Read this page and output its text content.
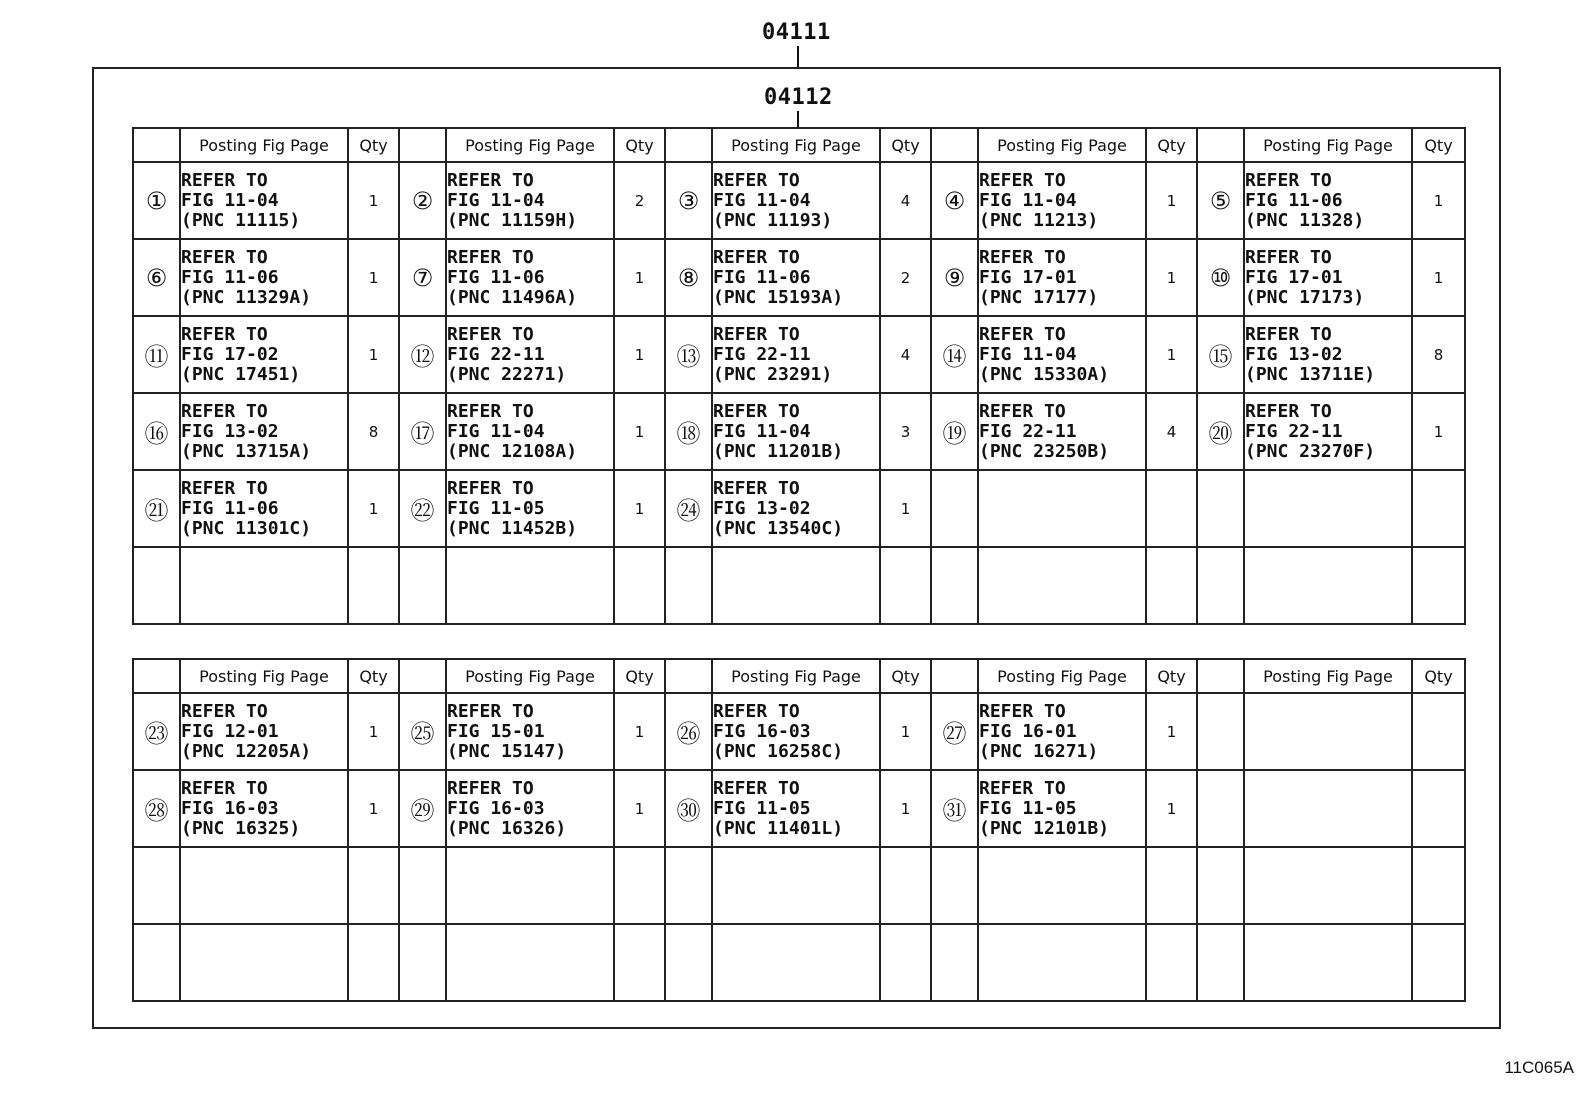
04111
04112
	Posting Fig Page	Qty		Posting Fig Page	Qty		Posting Fig Page	Qty		Posting Fig Page	Qty		Posting Fig Page	Qty
①	REFER TO
FIG 11-04
(PNC 11115)	1	②	REFER TO
FIG 11-04
(PNC 11159H)	2	③	REFER TO
FIG 11-04
(PNC 11193)	4	④	REFER TO
FIG 11-04
(PNC 11213)	1	⑤	REFER TO
FIG 11-06
(PNC 11328)	1
⑥	REFER TO
FIG 11-06
(PNC 11329A)	1	⑦	REFER TO
FIG 11-06
(PNC 11496A)	1	⑧	REFER TO
FIG 11-06
(PNC 15193A)	2	⑨	REFER TO
FIG 17-01
(PNC 17177)	1	⑩	REFER TO
FIG 17-01
(PNC 17173)	1
⑪	REFER TO
FIG 17-02
(PNC 17451)	1	⑫	REFER TO
FIG 22-11
(PNC 22271)	1	⑬	REFER TO
FIG 22-11
(PNC 23291)	4	⑭	REFER TO
FIG 11-04
(PNC 15330A)	1	⑮	REFER TO
FIG 13-02
(PNC 13711E)	8
⑯	REFER TO
FIG 13-02
(PNC 13715A)	8	⑰	REFER TO
FIG 11-04
(PNC 12108A)	1	⑱	REFER TO
FIG 11-04
(PNC 11201B)	3	⑲	REFER TO
FIG 22-11
(PNC 23250B)	4	⑳	REFER TO
FIG 22-11
(PNC 23270F)	1
㉑	REFER TO
FIG 11-06
(PNC 11301C)	1	㉒	REFER TO
FIG 11-05
(PNC 11452B)	1	㉔	REFER TO
FIG 13-02
(PNC 13540C)	1		

	Posting Fig Page	Qty		Posting Fig Page	Qty		Posting Fig Page	Qty		Posting Fig Page	Qty		Posting Fig Page	Qty
㉓	REFER TO
FIG 12-01
(PNC 12205A)	1	㉕	REFER TO
FIG 15-01
(PNC 15147)	1	㉖	REFER TO
FIG 16-03
(PNC 16258C)	1	㉗	REFER TO
FIG 16-01
(PNC 16271)	1		

㉘	REFER TO
FIG 16-03
(PNC 16325)	1	㉙	REFER TO
FIG 16-03
(PNC 16326)	1	㉚	REFER TO
FIG 11-05
(PNC 11401L)	1	㉛	REFER TO
FIG 11-05
(PNC 12101B)	1		

11C065A
